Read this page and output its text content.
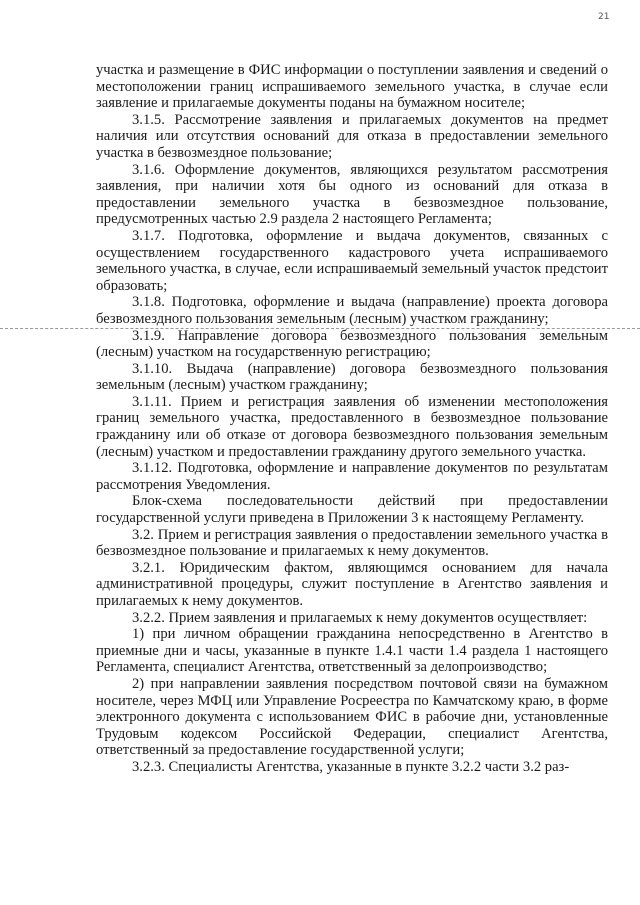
21

участка и размещение в ФИС информации о поступлении заявления и сведений о местоположении границ испрашиваемого земельного участка, в случае если заявление и прилагаемые документы поданы на бумажном носителе;

3.1.5. Рассмотрение заявления и прилагаемых документов на предмет наличия или отсутствия оснований для отказа в предоставлении земельного участка в безвозмездное пользование;

3.1.6. Оформление документов, являющихся результатом рассмотрения заявления, при наличии хотя бы одного из оснований для отказа в предоставлении земельного участка в безвозмездное пользование, предусмотренных частью 2.9 раздела 2 настоящего Регламента;

3.1.7. Подготовка, оформление и выдача документов, связанных с осуществлением государственного кадастрового учета испрашиваемого земельного участка, в случае, если испрашиваемый земельный участок предстоит образовать;

3.1.8. Подготовка, оформление и выдача (направление) проекта договора безвозмездного пользования земельным (лесным) участком гражданину;

3.1.9. Направление договора безвозмездного пользования земельным (лесным) участком на государственную регистрацию;

3.1.10. Выдача (направление) договора безвозмездного пользования земельным (лесным) участком гражданину;

3.1.11. Прием и регистрация заявления об изменении местоположения границ земельного участка, предоставленного в безвозмездное пользование гражданину или об отказе от договора безвозмездного пользования земельным (лесным) участком и предоставлении гражданину другого земельного участка.

3.1.12. Подготовка, оформление и направление документов по результатам рассмотрения Уведомления.

Блок-схема последовательности действий при предоставлении государственной услуги приведена в Приложении 3 к настоящему Регламенту.

3.2. Прием и регистрация заявления о предоставлении земельного участка в безвозмездное пользование и прилагаемых к нему документов.

3.2.1. Юридическим фактом, являющимся основанием для начала административной процедуры, служит поступление в Агентство заявления и прилагаемых к нему документов.

3.2.2. Прием заявления и прилагаемых к нему документов осуществляет:

1) при личном обращении гражданина непосредственно в Агентство в приемные дни и часы, указанные в пункте 1.4.1 части 1.4 раздела 1 настоящего Регламента, специалист Агентства, ответственный за делопроизводство;

2) при направлении заявления посредством почтовой связи на бумажном носителе, через МФЦ или Управление Росреестра по Камчатскому краю, в форме электронного документа с использованием ФИС в рабочие дни, установленные Трудовым кодексом Российской Федерации, специалист Агентства, ответственный за предоставление государственной услуги;

3.2.3. Специалисты Агентства, указанные в пункте 3.2.2 части 3.2 раз-
